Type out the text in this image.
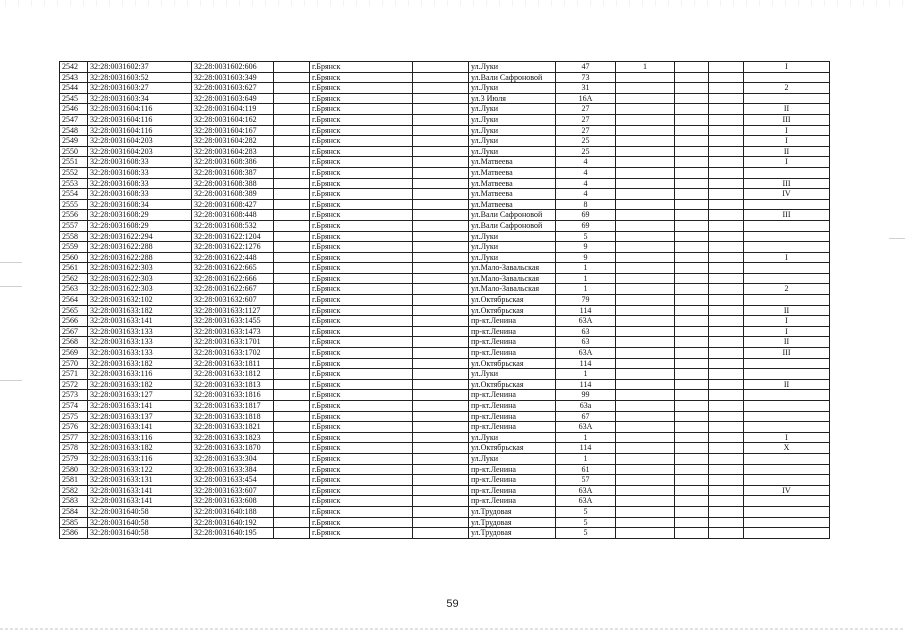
2542	32:28:0031602:37	32:28:0031602:606		г.Брянск		ул.Луки	47	1			I
2543	32:28:0031603:52	32:28:0031603:349		г.Брянск		ул.Вали Сафроновой	73				
2544	32:28:0031603:27	32:28:0031603:627		г.Брянск		ул.Луки	31				2
2545	32:28:0031603:34	32:28:0031603:649		г.Брянск		ул.3 Июля	16А				
2546	32:28:0031604:116	32:28:0031604:119		г.Брянск		ул.Луки	27				II
2547	32:28:0031604:116	32:28:0031604:162		г.Брянск		ул.Луки	27				III
2548	32:28:0031604:116	32:28:0031604:167		г.Брянск		ул.Луки	27				I
2549	32:28:0031604:203	32:28:0031604:282		г.Брянск		ул.Луки	25				I
2550	32:28:0031604:203	32:28:0031604:283		г.Брянск		ул.Луки	25				II
2551	32:28:0031608:33	32:28:0031608:386		г.Брянск		ул.Матвеева	4				I
2552	32:28:0031608:33	32:28:0031608:387		г.Брянск		ул.Матвеева	4				
2553	32:28:0031608:33	32:28:0031608:388		г.Брянск		ул.Матвеева	4				III
2554	32:28:0031608:33	32:28:0031608:389		г.Брянск		ул.Матвеева	4				IV
2555	32:28:0031608:34	32:28:0031608:427		г.Брянск		ул.Матвеева	8				
2556	32:28:0031608:29	32:28:0031608:448		г.Брянск		ул.Вали Сафроновой	69				III
2557	32:28:0031608:29	32:28:0031608:532		г.Брянск		ул.Вали Сафроновой	69				
2558	32:28:0031622:294	32:28:0031622:1204		г.Брянск		ул.Луки	5				
2559	32:28:0031622:288	32:28:0031622:1276		г.Брянск		ул.Луки	9				
2560	32:28:0031622:288	32:28:0031622:448		г.Брянск		ул.Луки	9				I
2561	32:28:0031622:303	32:28:0031622:665		г.Брянск		ул.Мало-Завальская	1				
2562	32:28:0031622:303	32:28:0031622:666		г.Брянск		ул.Мало-Завальская	1				
2563	32:28:0031622:303	32:28:0031622:667		г.Брянск		ул.Мало-Завальская	1				2
2564	32:28:0031632:102	32:28:0031632:607		г.Брянск		ул.Октябрьская	79				
2565	32:28:0031633:182	32:28:0031633:1127		г.Брянск		ул.Октябрьская	114				II
2566	32:28:0031633:141	32:28:0031633:1455		г.Брянск		пр-кт.Ленина	63А				I
2567	32:28:0031633:133	32:28:0031633:1473		г.Брянск		пр-кт.Ленина	63				I
2568	32:28:0031633:133	32:28:0031633:1701		г.Брянск		пр-кт.Ленина	63				II
2569	32:28:0031633:133	32:28:0031633:1702		г.Брянск		пр-кт.Ленина	63А				III
2570	32:28:0031633:182	32:28:0031633:1811		г.Брянск		ул.Октябрьская	114				
2571	32:28:0031633:116	32:28:0031633:1812		г.Брянск		ул.Луки	1				
2572	32:28:0031633:182	32:28:0031633:1813		г.Брянск		ул.Октябрьская	114				II
2573	32:28:0031633:127	32:28:0031633:1816		г.Брянск		пр-кт.Ленина	99				
2574	32:28:0031633:141	32:28:0031633:1817		г.Брянск		пр-кт.Ленина	63а				
2575	32:28:0031633:137	32:28:0031633:1818		г.Брянск		пр-кт.Ленина	67				
2576	32:28:0031633:141	32:28:0031633:1821		г.Брянск		пр-кт.Ленина	63А				
2577	32:28:0031633:116	32:28:0031633:1823		г.Брянск		ул.Луки	1				I
2578	32:28:0031633:182	32:28:0031633:1870		г.Брянск		ул.Октябрьская	114				X
2579	32:28:0031633:116	32:28:0031633:304		г.Брянск		ул.Луки	1				
2580	32:28:0031633:122	32:28:0031633:384		г.Брянск		пр-кт.Ленина	61				
2581	32:28:0031633:131	32:28:0031633:454		г.Брянск		пр-кт.Ленина	57				
2582	32:28:0031633:141	32:28:0031633:607		г.Брянск		пр-кт.Ленина	63А				IV
2583	32:28:0031633:141	32:28:0031633:608		г.Брянск		пр-кт.Ленина	63А				
2584	32:28:0031640:58	32:28:0031640:188		г.Брянск		ул.Трудовая	5				
2585	32:28:0031640:58	32:28:0031640:192		г.Брянск		ул.Трудовая	5				
2586	32:28:0031640:58	32:28:0031640:195		г.Брянск		ул.Трудовая	5				
59
